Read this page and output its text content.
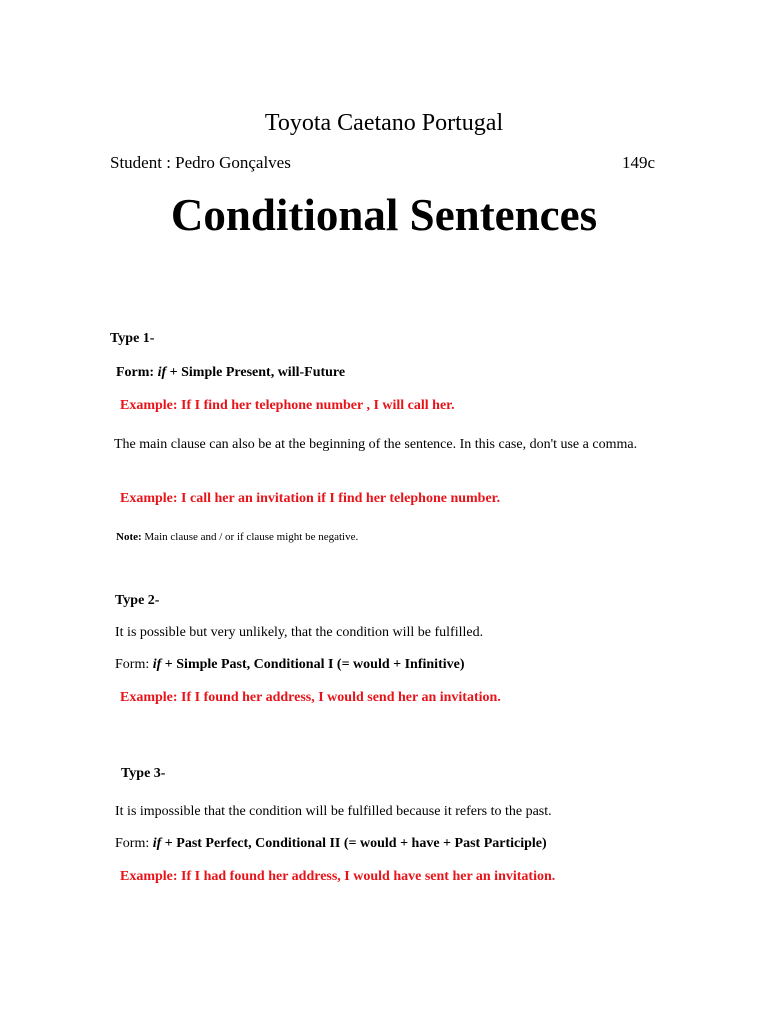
Toyota Caetano Portugal
Student : Pedro Gonçalves	149c
Conditional Sentences
Type 1-
Form: if + Simple Present, will-Future
Example: If I find her telephone number , I will call her.
The main clause can also be at the beginning of the sentence. In this case, don't use a comma.
Example: I call her an invitation if I find her telephone number.
Note: Main clause and / or if clause might be negative.
Type 2-
It is possible but very unlikely, that the condition will be fulfilled.
Form: if + Simple Past, Conditional I (= would + Infinitive)
Example: If I found her address, I would send her an invitation.
Type 3-
It is impossible that the condition will be fulfilled because it refers to the past.
Form: if + Past Perfect, Conditional II (= would + have + Past Participle)
Example: If I had found her address, I would have sent her an invitation.
